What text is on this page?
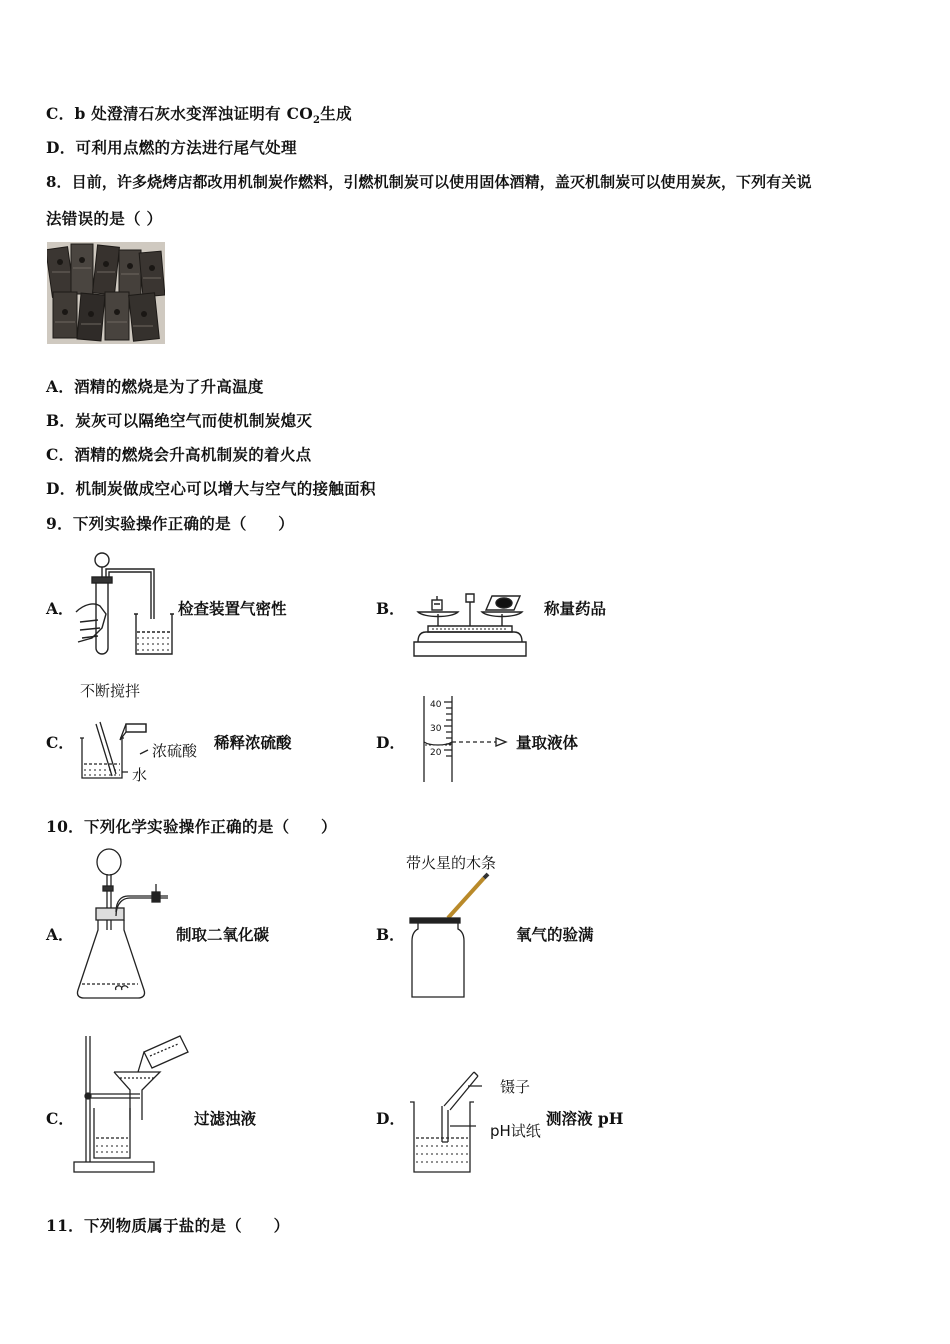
C．b 处澄清石灰水变浑浊证明有 $CO_2$生成
D．可利用点燃的方法进行尾气处理
8．目前，许多烧烤店都改用机制炭作燃料，引燃机制炭可以使用固体酒精，盖灭机制炭可以使用炭灰，下列有关说
法错误的是（ ）
A．酒精的燃烧是为了升高温度
B．炭灰可以隔绝空气而使机制炭熄灭
C．酒精的燃烧会升高机制炭的着火点
D．机制炭做成空心可以增大与空气的接触面积
9．下列实验操作正确的是（　　）
A．	检查装置气密性	B．	称量药品
C．
不断搅拌
浓硫酸
水
稀释浓硫酸	D．
40
30
20
量取液体
10．下列化学实验操作正确的是（　　）
A．	制取二氧化碳	B．
带火星的木条
氧气的验满
C．	过滤浊液	D．
镊子
pH试纸
测溶液 pH
11．下列物质属于盐的是（　　）
